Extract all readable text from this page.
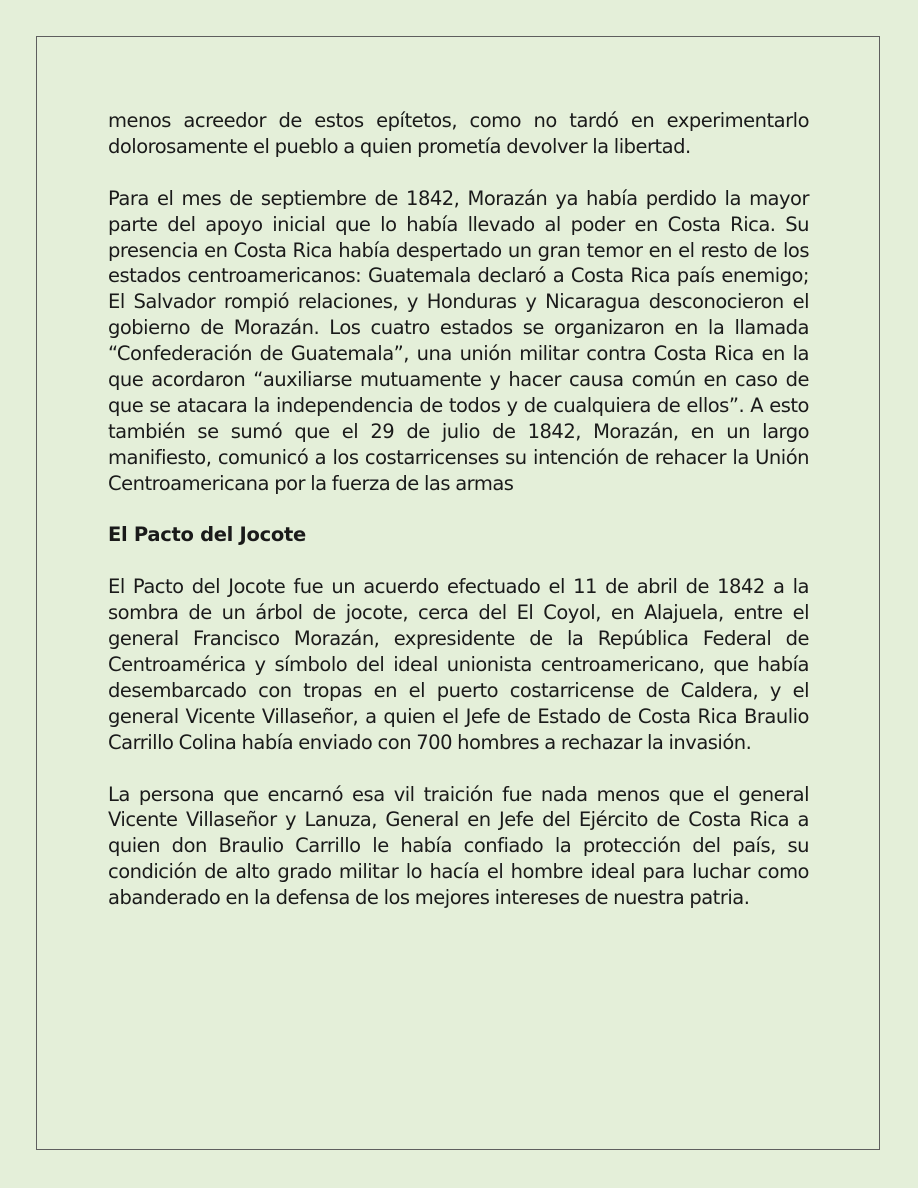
menos acreedor de estos epítetos, como no tardó en experimentarlo dolorosamente el pueblo a quien prometía devolver la libertad.

Para el mes de septiembre de 1842, Morazán ya había perdido la mayor parte del apoyo inicial que lo había llevado al poder en Costa Rica. Su presencia en Costa Rica había despertado un gran temor en el resto de los estados centroamericanos: Guatemala declaró a Costa Rica país enemigo; El Salvador rompió relaciones, y Honduras y Nicaragua desconocieron el gobierno de Morazán. Los cuatro estados se organizaron en la llamada “Confederación de Guatemala”, una unión militar contra Costa Rica en la que acordaron “auxiliarse mutuamente y hacer causa común en caso de que se atacara la independencia de todos y de cualquiera de ellos”. A esto también se sumó que el 29 de julio de 1842, Morazán, en un largo manifiesto, comunicó a los costarricenses su intención de rehacer la Unión Centroamericana por la fuerza de las armas

El Pacto del Jocote

El Pacto del Jocote fue un acuerdo efectuado el 11 de abril de 1842 a la sombra de un árbol de jocote, cerca del El Coyol, en Alajuela, entre el general Francisco Morazán, expresidente de la República Federal de Centroamérica y símbolo del ideal unionista centroamericano, que había desembarcado con tropas en el puerto costarricense de Caldera, y el general Vicente Villaseñor, a quien el Jefe de Estado de Costa Rica Braulio Carrillo Colina había enviado con 700 hombres a rechazar la invasión.

La persona que encarnó esa vil traición fue nada menos que el general Vicente Villaseñor y Lanuza, General en Jefe del Ejército de Costa Rica a quien don Braulio Carrillo le había confiado la protección del país, su condición de alto grado militar lo hacía el hombre ideal para luchar como abanderado en la defensa de los mejores intereses de nuestra patria.
